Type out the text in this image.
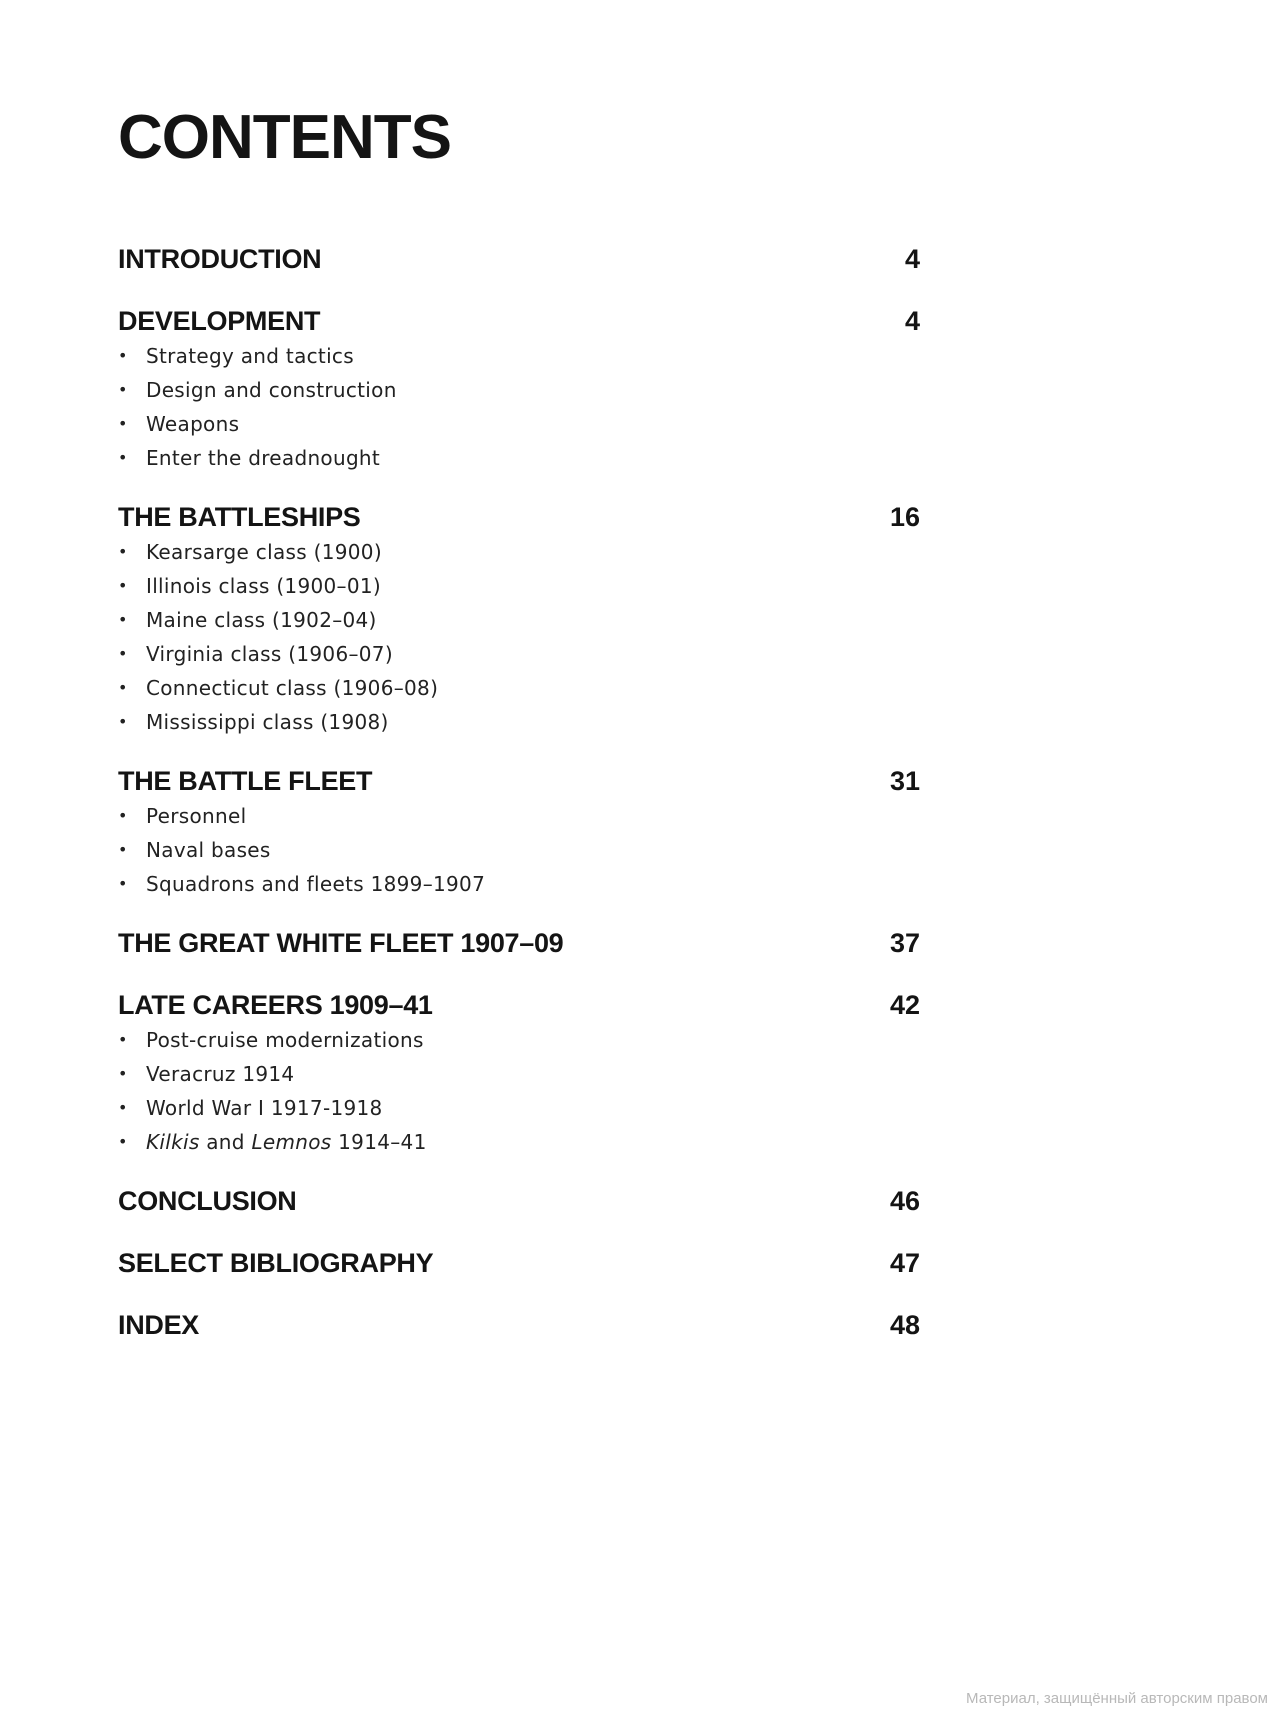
CONTENTS
INTRODUCTION	4
DEVELOPMENT	4
• Strategy and tactics
• Design and construction
• Weapons
• Enter the dreadnought
THE BATTLESHIPS	16
• Kearsarge class (1900)
• Illinois class (1900–01)
• Maine class (1902–04)
• Virginia class (1906–07)
• Connecticut class (1906–08)
• Mississippi class (1908)
THE BATTLE FLEET	31
• Personnel
• Naval bases
• Squadrons and fleets 1899–1907
THE GREAT WHITE FLEET 1907–09	37
LATE CAREERS 1909–41	42
• Post-cruise modernizations
• Veracruz 1914
• World War I 1917-1918
• Kilkis and Lemnos 1914–41
CONCLUSION	46
SELECT BIBLIOGRAPHY	47
INDEX	48
Материал, защищённый авторским правом
